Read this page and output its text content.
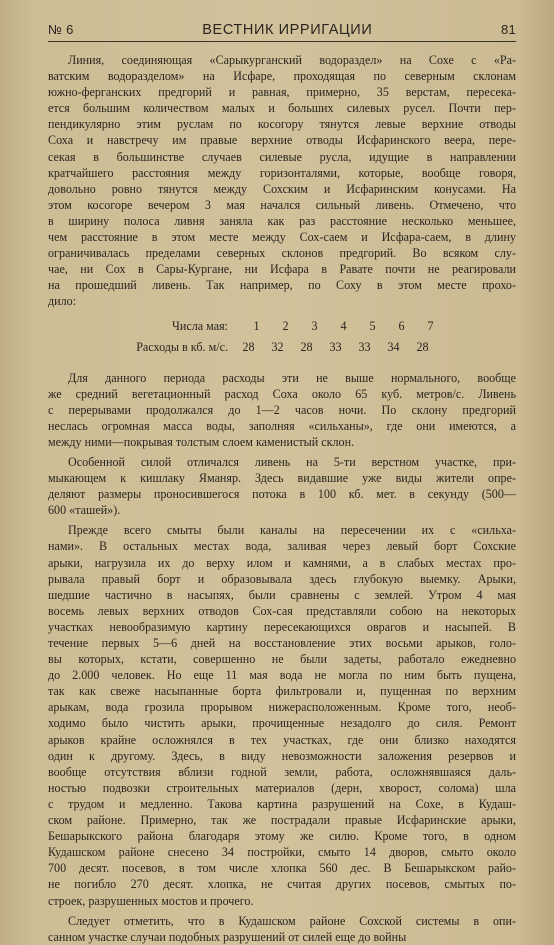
№ 6	ВЕСТНИК ИРРИГАЦИИ	81
Линия, соединяющая «Сарыкурганский водораздел» на Сохе с «Ра-
ватским водоразделом» на Исфаре, проходящая по северным склонам
южно-ферганских предгорий и равная, примерно, 35 верстам, пересека-
ется большим количеством малых и больших силевых русел. Почти пер-
пендикулярно этим руслам по косогору тянутся левые верхние отводы
Соха и навстречу им правые верхние отводы Исфаринского веера, пере-
секая в большинстве случаев силевые русла, идущие в направлении
кратчайшего расстояния между горизонталями, которые, вообще говоря,
довольно ровно тянутся между Сохским и Исфаринским конусами. На
этом косогоре вечером 3 мая начался сильный ливень. Отмечено, что
в ширину полоса ливня заняла как раз расстояние несколько меньшее,
чем расстояние в этом месте между Сох-саем и Исфара-саем, в длину
ограничивалась пределами северных склонов предгорий. Во всяком слу-
чае, ни Сох в Сары-Кургане, ни Исфара в Равате почти не реагировали
на прошедший ливень. Так например, по Соху в этом месте прохо-
дило:
Числа мая:	1	2	3	4	5	6	7
Расходы в кб. м/с.	28	32	28	33	33	34	28
Для данного периода расходы эти не выше нормального, вообще
же средний вегетационный расход Соха около 65 куб. метров/с. Ливень
с перерывами продолжался до 1—2 часов ночи. По склону предгорий
неслась огромная масса воды, заполняя «сильханы», где они имеются, а
между ними—покрывая толстым слоем каменистый склон.
Особенной силой отличался ливень на 5-ти верстном участке, при-
мыкающем к кишлаку Яманяр. Здесь видавшие уже виды жители опре-
деляют размеры проносившегося потока в 100 кб. мет. в секунду (500—
600 «ташей»).
Прежде всего смыты были каналы на пересечении их с «сильха-
нами». В остальных местах вода, заливая через левый борт Сохские
арыки, нагрузила их до верху илом и камнями, а в слабых местах про-
рывала правый борт и образовывала здесь глубокую выемку. Арыки,
шедшие частично в насыпях, были сравнены с землей. Утром 4 мая
восемь левых верхних отводов Сох-сая представляли собою на некоторых
участках невообразимую картину пересекающихся оврагов и насыпей. В
течение первых 5—6 дней на восстановление этих восьми арыков, голо-
вы которых, кстати, совершенно не были задеты, работало ежедневно
до 2.000 человек. Но еще 11 мая вода не могла по ним быть пущена,
так как свеже насыпанные борта фильтровали и, пущенная по верхним
арыкам, вода грозила прорывом нижерасположенным. Кроме того, необ-
ходимо было чистить арыки, прочищенные незадолго до силя. Ремонт
арыков крайне осложнялся в тех участках, где они близко находятся
один к другому. Здесь, в виду невозможности заложения резервов и
вообще отсутствия вблизи годной земли, работа, осложнявшаяся даль-
ностью подвозки строительных материалов (дерн, хворост, солома) шла
с трудом и медленно. Такова картина разрушений на Сохе, в Кудаш-
ском районе. Примерно, так же пострадали правые Исфаринские арыки,
Бешарыкского района благодаря этому же силю. Кроме того, в одном
Кудашском районе снесено 34 постройки, смыто 14 дворов, смыто около
700 десят. посевов, в том числе хлопка 560 дес. В Бешарыкском райо-
не погибло 270 десят. хлопка, не считая других посевов, смытых по-
строек, разрушенных мостов и прочего.
Следует отметить, что в Кудашском районе Сохской системы в опи-
санном участке случаи подобных разрушений от силей еще до войны
